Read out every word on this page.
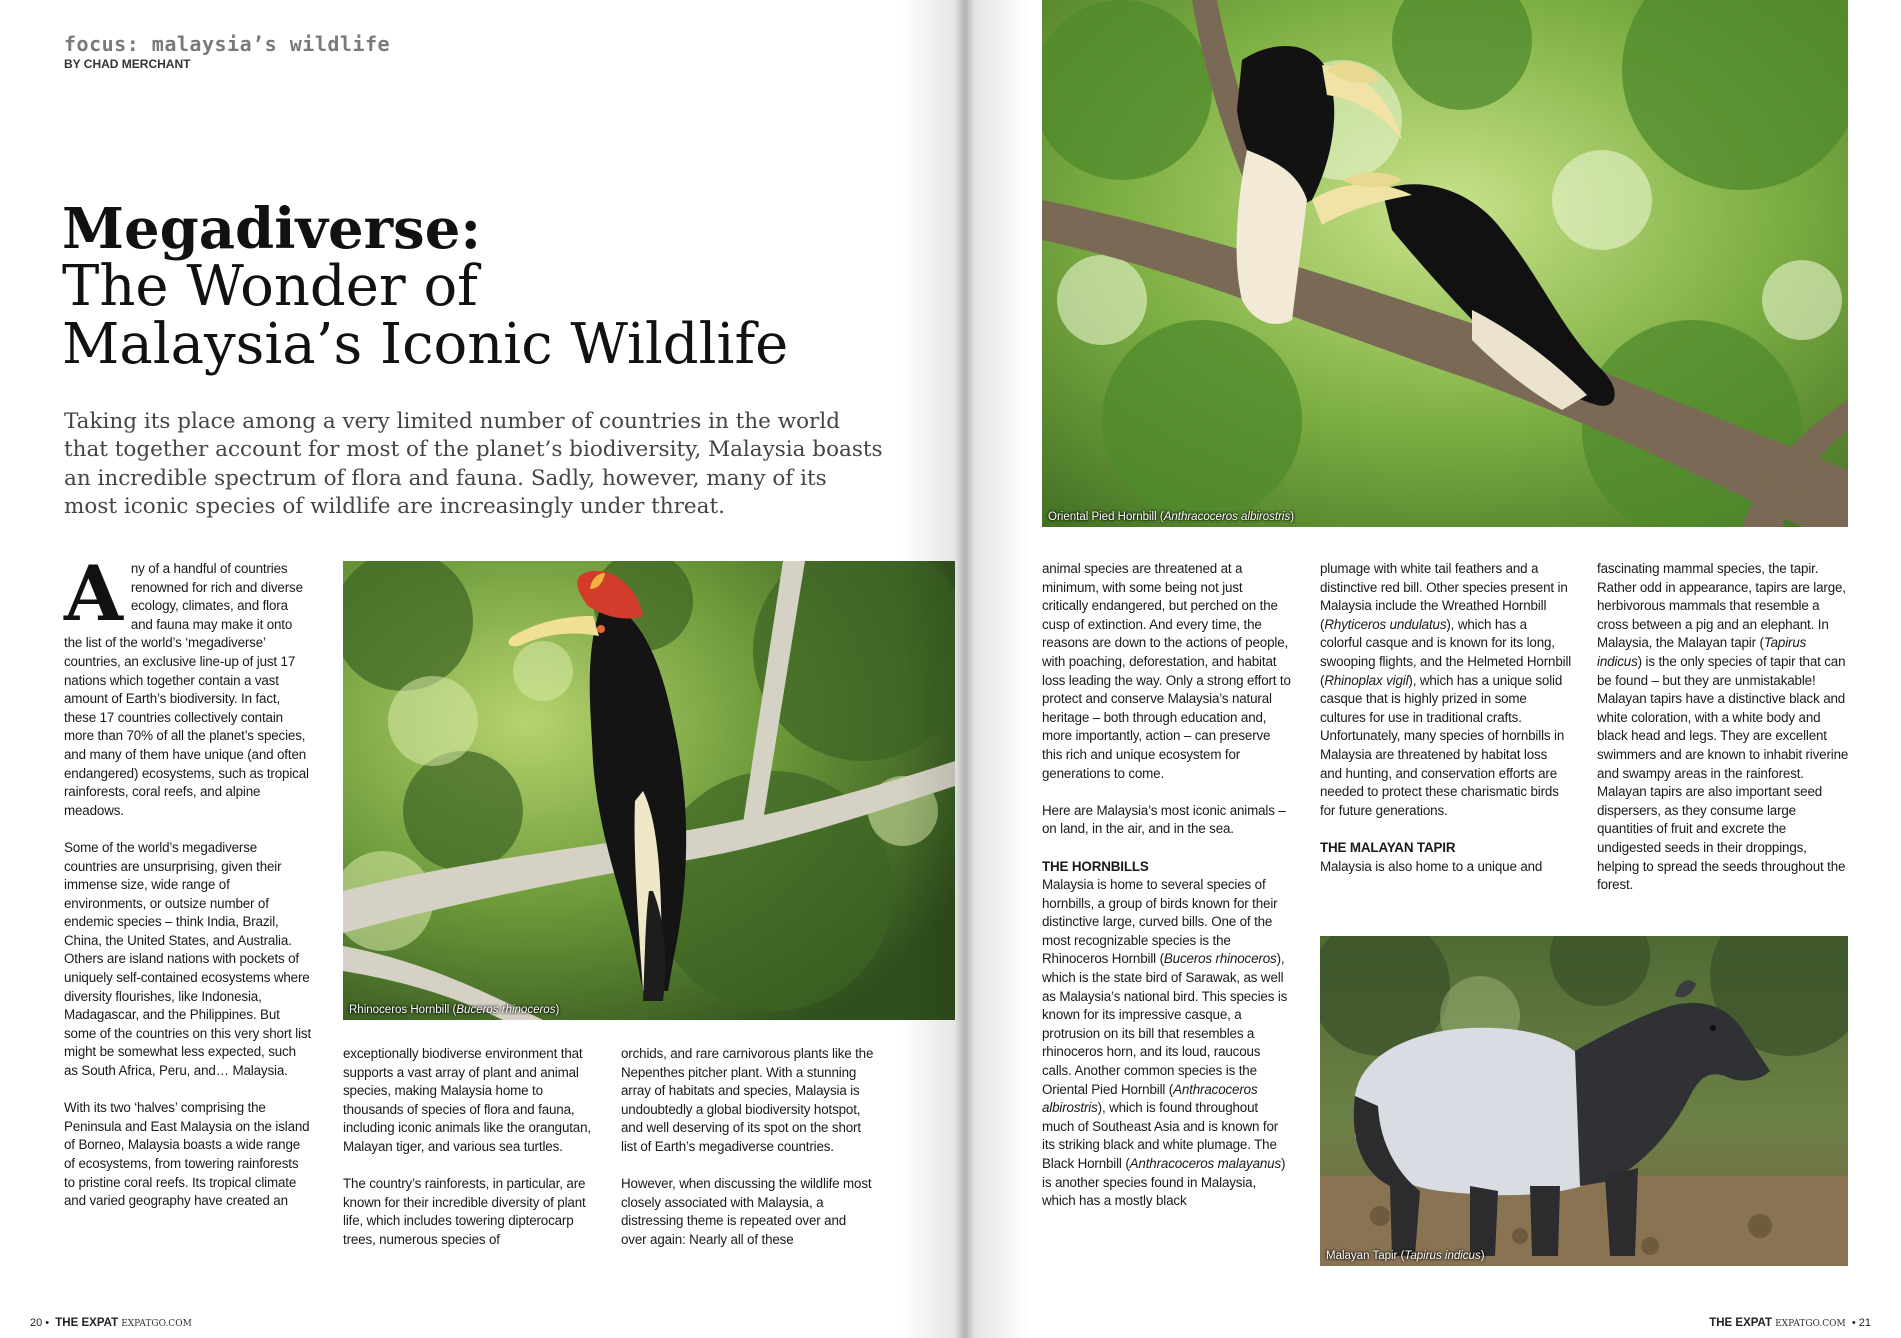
focus: malaysia’s wildlife
BY CHAD MERCHANT
Megadiverse:
The Wonder of
Malaysia’s Iconic Wildlife

Taking its place among a very limited number of countries in the world that together account for most of the planet’s biodiversity, Malaysia boasts an incredible spectrum of flora and fauna. Sadly, however, many of its most iconic species of wildlife are increasingly under threat.

Any of a handful of countries renowned for rich and diverse ecology, climates, and flora and fauna may make it onto the list of the world’s ‘megadiverse’ countries, an exclusive line-up of just 17 nations which together contain a vast amount of Earth’s biodiversity. In fact, these 17 countries collectively contain more than 70% of all the planet’s species, and many of them have unique (and often endangered) ecosystems, such as tropical rainforests, coral reefs, and alpine meadows.

Some of the world’s megadiverse countries are unsurprising, given their immense size, wide range of environments, or outsize number of endemic species – think India, Brazil, China, the United States, and Australia. Others are island nations with pockets of uniquely self-contained ecosystems where diversity flourishes, like Indonesia, Madagascar, and the Philippines. But some of the countries on this very short list might be somewhat less expected, such as South Africa, Peru, and… Malaysia.

With its two ‘halves’ comprising the Peninsula and East Malaysia on the island of Borneo, Malaysia boasts a wide range of ecosystems, from towering rainforests to pristine coral reefs. Its tropical climate and varied geography have created an

Rhinoceros Hornbill (Buceros rhinoceros)

exceptionally biodiverse environment that supports a vast array of plant and animal species, making Malaysia home to thousands of species of flora and fauna, including iconic animals like the orangutan, Malayan tiger, and various sea turtles.

The country’s rainforests, in particular, are known for their incredible diversity of plant life, which includes towering dipterocarp trees, numerous species of

orchids, and rare carnivorous plants like the Nepenthes pitcher plant. With a stunning array of habitats and species, Malaysia is undoubtedly a global biodiversity hotspot, and well deserving of its spot on the short list of Earth’s megadiverse countries.

However, when discussing the wildlife most closely associated with Malaysia, a distressing theme is repeated over and over again: Nearly all of these

20 •  THE EXPAT EXPATGO.COM
Oriental Pied Hornbill (Anthracoceros albirostris)

animal species are threatened at a minimum, with some being not just critically endangered, but perched on the cusp of extinction. And every time, the reasons are down to the actions of people, with poaching, deforestation, and habitat loss leading the way. Only a strong effort to protect and conserve Malaysia’s natural heritage – both through education and, more importantly, action – can preserve this rich and unique ecosystem for generations to come.

Here are Malaysia’s most iconic animals – on land, in the air, and in the sea.

THE HORNBILLS

Malaysia is home to several species of hornbills, a group of birds known for their distinctive large, curved bills. One of the most recognizable species is the Rhinoceros Hornbill (Buceros rhinoceros), which is the state bird of Sarawak, as well as Malaysia’s national bird. This species is known for its impressive casque, a protrusion on its bill that resembles a rhinoceros horn, and its loud, raucous calls. Another common species is the Oriental Pied Hornbill (Anthracoceros albirostris), which is found throughout much of Southeast Asia and is known for its striking black and white plumage. The Black Hornbill (Anthracoceros malayanus) is another species found in Malaysia, which has a mostly black

plumage with white tail feathers and a distinctive red bill. Other species present in Malaysia include the Wreathed Hornbill (Rhyticeros undulatus), which has a colorful casque and is known for its long, swooping flights, and the Helmeted Hornbill (Rhinoplax vigil), which has a unique solid casque that is highly prized in some cultures for use in traditional crafts. Unfortunately, many species of hornbills in Malaysia are threatened by habitat loss and hunting, and conservation efforts are needed to protect these charismatic birds for future generations.

THE MALAYAN TAPIR

Malaysia is also home to a unique and

fascinating mammal species, the tapir. Rather odd in appearance, tapirs are large, herbivorous mammals that resemble a cross between a pig and an elephant. In Malaysia, the Malayan tapir (Tapirus indicus) is the only species of tapir that can be found – but they are unmistakable! Malayan tapirs have a distinctive black and white coloration, with a white body and black head and legs. They are excellent swimmers and are known to inhabit riverine and swampy areas in the rainforest. Malayan tapirs are also important seed dispersers, as they consume large quantities of fruit and excrete the undigested seeds in their droppings, helping to spread the seeds throughout the forest.

Malayan Tapir (Tapirus indicus)
THE EXPAT EXPATGO.COM  • 21
